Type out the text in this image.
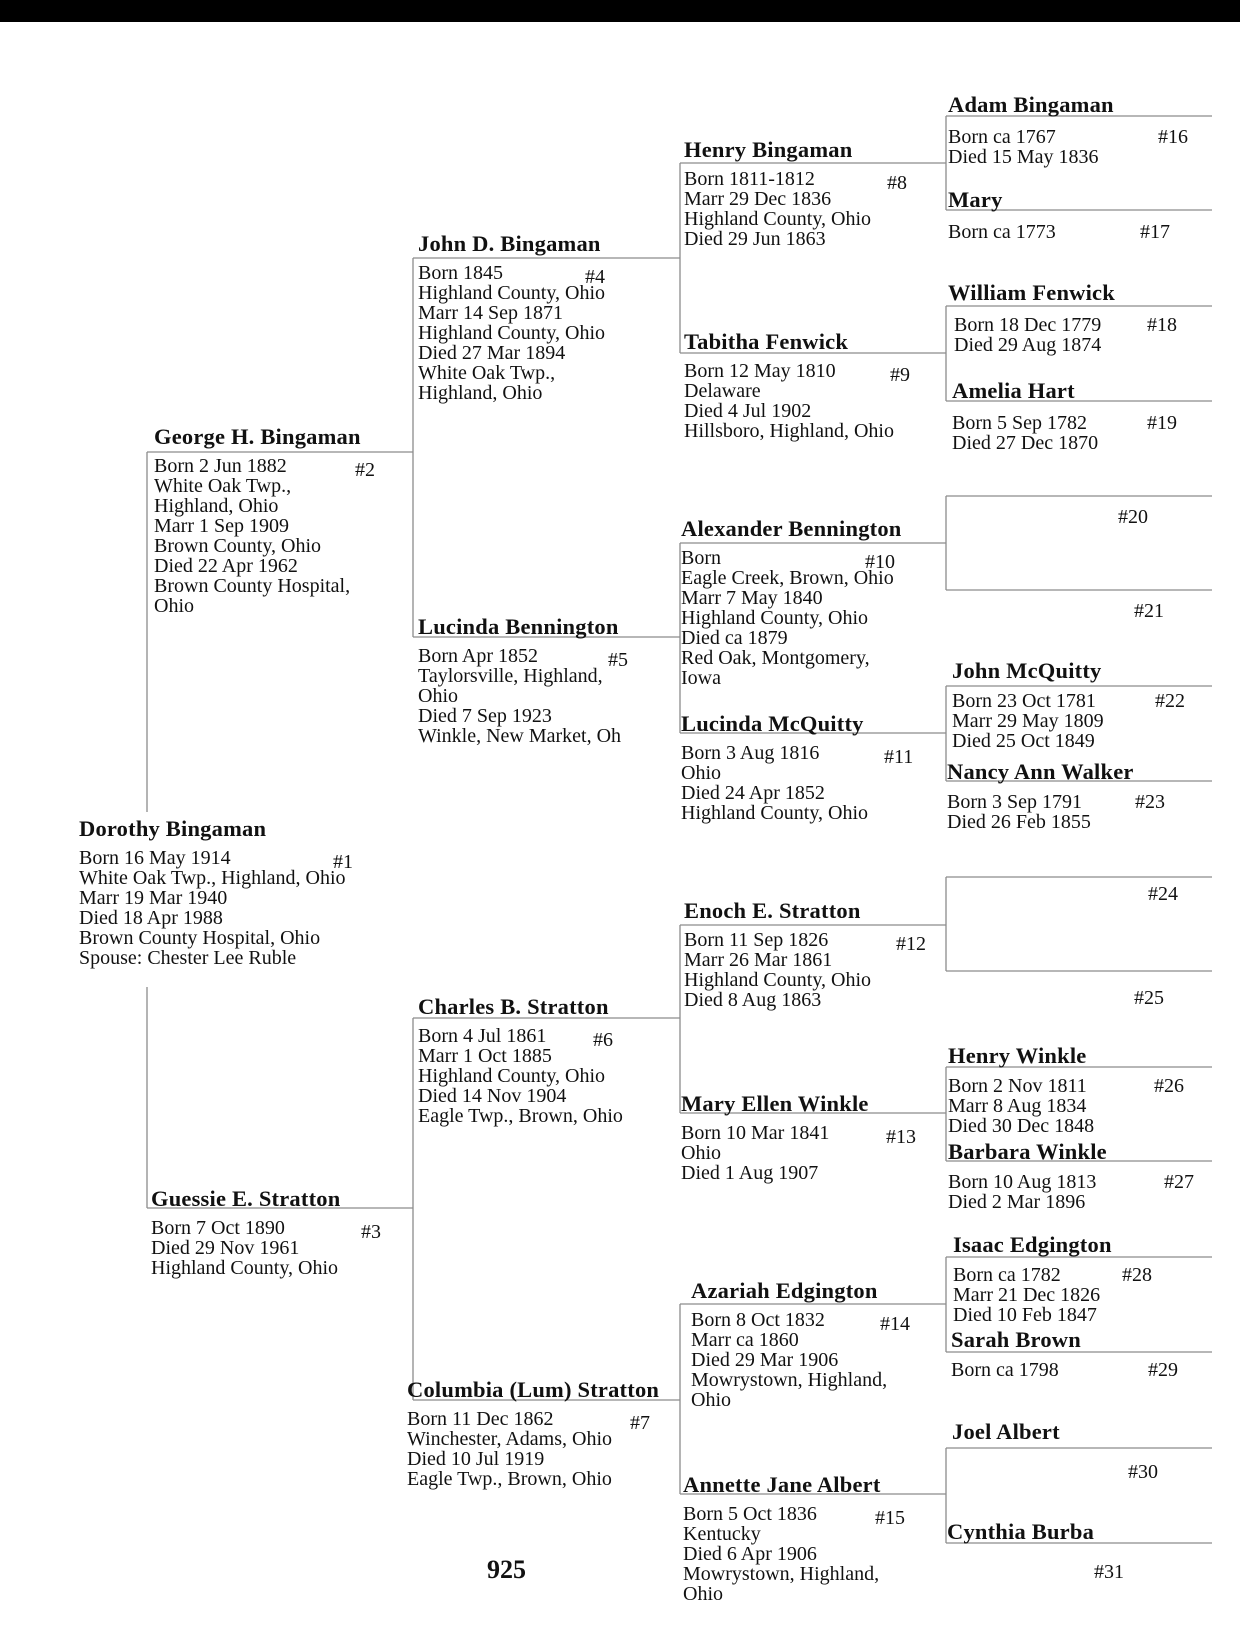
Dorothy Bingaman
Born 16 May 1914
White Oak Twp., Highland, Ohio
Marr 19 Mar 1940
Died 18 Apr 1988
Brown County Hospital, Ohio
Spouse: Chester Lee Ruble
#1
George H. Bingaman
Born 2 Jun 1882
White Oak Twp.,
Highland, Ohio
Marr 1 Sep 1909
Brown County, Ohio
Died 22 Apr 1962
Brown County Hospital,
Ohio
#2
Guessie E. Stratton
Born 7 Oct 1890
Died 29 Nov 1961
Highland County, Ohio
#3
John D. Bingaman
Born 1845
Highland County, Ohio
Marr 14 Sep 1871
Highland County, Ohio
Died 27 Mar 1894
White Oak Twp.,
Highland, Ohio
#4
Lucinda Bennington
Born Apr 1852
Taylorsville, Highland,
Ohio
Died 7 Sep 1923
Winkle, New Market, Oh
#5
Charles B. Stratton
Born 4 Jul 1861
Marr 1 Oct 1885
Highland County, Ohio
Died 14 Nov 1904
Eagle Twp., Brown, Ohio
#6
Columbia (Lum) Stratton
Born 11 Dec 1862
Winchester, Adams, Ohio
Died 10 Jul 1919
Eagle Twp., Brown, Ohio
#7
Henry Bingaman
Born 1811-1812
Marr 29 Dec 1836
Highland County, Ohio
Died 29 Jun 1863
#8
Tabitha Fenwick
Born 12 May 1810
Delaware
Died 4 Jul 1902
Hillsboro, Highland, Ohio
#9
Alexander Bennington
Born
Eagle Creek, Brown, Ohio
Marr 7 May 1840
Highland County, Ohio
Died ca 1879
Red Oak, Montgomery,
Iowa
#10
Lucinda McQuitty
Born 3 Aug 1816
Ohio
Died 24 Apr 1852
Highland County, Ohio
#11
Enoch E. Stratton
Born 11 Sep 1826
Marr 26 Mar 1861
Highland County, Ohio
Died 8 Aug 1863
#12
Mary Ellen Winkle
Born 10 Mar 1841
Ohio
Died 1 Aug 1907
#13
Azariah Edgington
Born 8 Oct 1832
Marr ca 1860
Died 29 Mar 1906
Mowrystown, Highland,
Ohio
#14
Annette Jane Albert
Born 5 Oct 1836
Kentucky
Died 6 Apr 1906
Mowrystown, Highland,
Ohio
#15
Adam Bingaman
Born ca 1767
Died 15 May 1836
#16
Mary
Born ca 1773	#17
William Fenwick
Born 18 Dec 1779
Died 29 Aug 1874
#18
Amelia Hart
Born 5 Sep 1782
Died 27 Dec 1870
#19
#20
#21
John McQuitty
Born 23 Oct 1781
Marr 29 May 1809
Died 25 Oct 1849
#22
Nancy Ann Walker
Born 3 Sep 1791
Died 26 Feb 1855
#23
#24
#25
Henry Winkle
Born 2 Nov 1811
Marr 8 Aug 1834
Died 30 Dec 1848
#26
Barbara Winkle
Born 10 Aug 1813
Died 2 Mar 1896
#27
Isaac Edgington
Born ca 1782
Marr 21 Dec 1826
Died 10 Feb 1847
#28
Sarah Brown
Born ca 1798	#29
Joel Albert
#30
Cynthia Burba
#31
925
